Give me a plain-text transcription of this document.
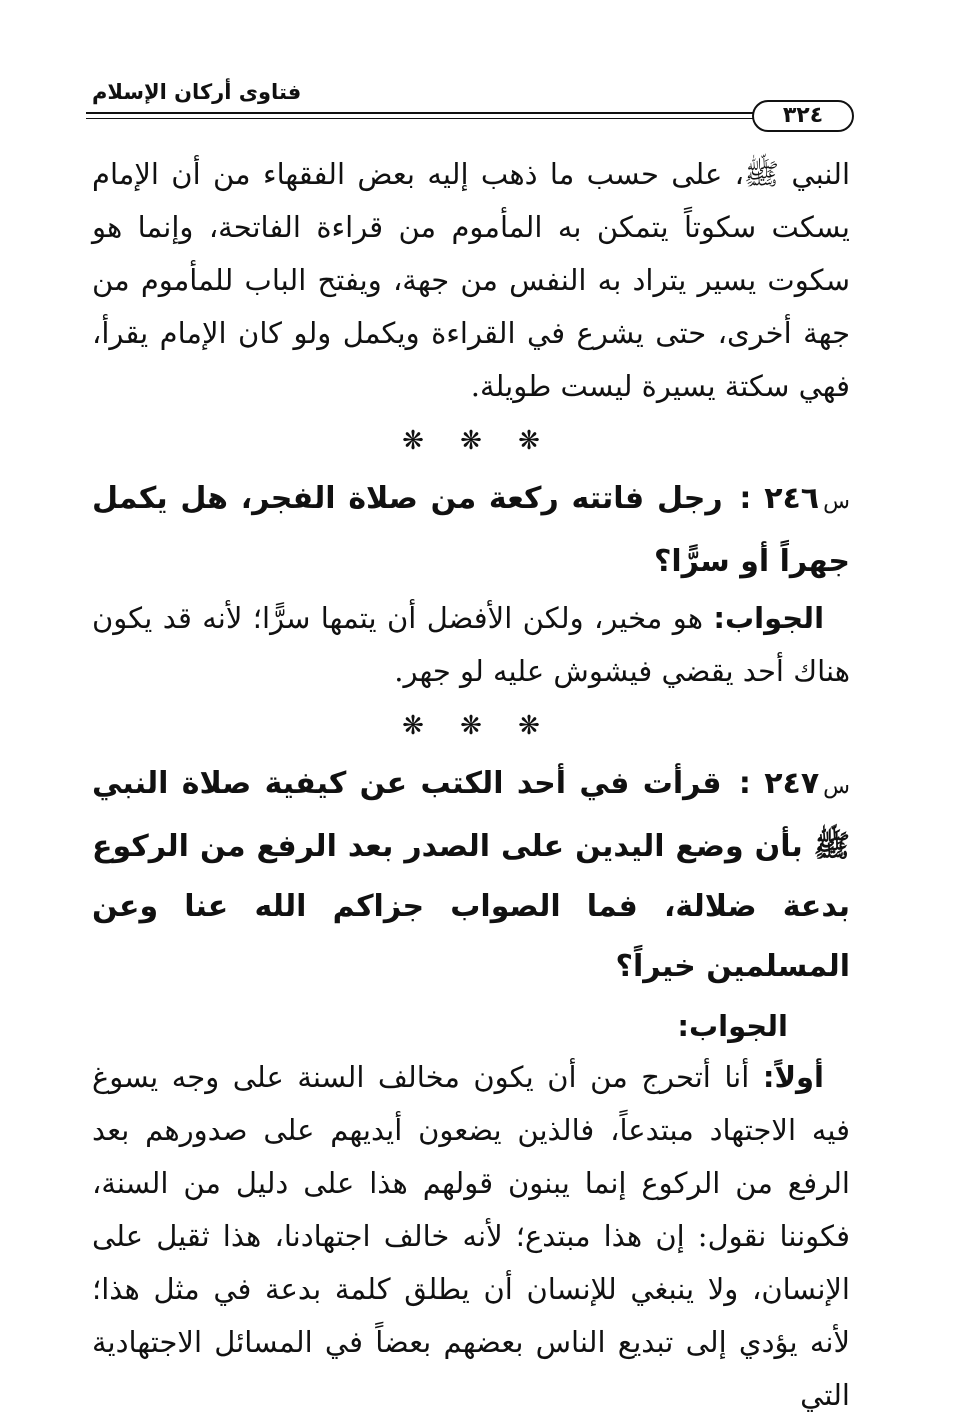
فتاوى أركان الإسلام
٣٢٤

النبي ﷺ، على حسب ما ذهب إليه بعض الفقهاء من أن الإمام يسكت سكوتاً يتمكن به المأموم من قراءة الفاتحة، وإنما هو سكوت يسير يتراد به النفس من جهة، ويفتح الباب للمأموم من جهة أخرى، حتى يشرع في القراءة ويكمل ولو كان الإمام يقرأ، فهي سكتة يسيرة ليست طويلة.

❋ ❋ ❋

س٢٤٦ : رجل فاتته ركعة من صلاة الفجر، هل يكمل جهراً أو سرًّا؟

الجواب: هو مخير، ولكن الأفضل أن يتمها سرًّا؛ لأنه قد يكون هناك أحد يقضي فيشوش عليه لو جهر.

❋ ❋ ❋

س٢٤٧ : قرأت في أحد الكتب عن كيفية صلاة النبي ﷺ بأن وضع اليدين على الصدر بعد الرفع من الركوع بدعة ضلالة، فما الصواب جزاكم الله عنا وعن المسلمين خيراً؟

الجواب:

أولاً: أنا أتحرج من أن يكون مخالف السنة على وجه يسوغ فيه الاجتهاد مبتدعاً، فالذين يضعون أيديهم على صدورهم بعد الرفع من الركوع إنما يبنون قولهم هذا على دليل من السنة، فكوننا نقول: إن هذا مبتدع؛ لأنه خالف اجتهادنا، هذا ثقيل على الإنسان، ولا ينبغي للإنسان أن يطلق كلمة بدعة في مثل هذا؛ لأنه يؤدي إلى تبديع الناس بعضهم بعضاً في المسائل الاجتهادية التي
